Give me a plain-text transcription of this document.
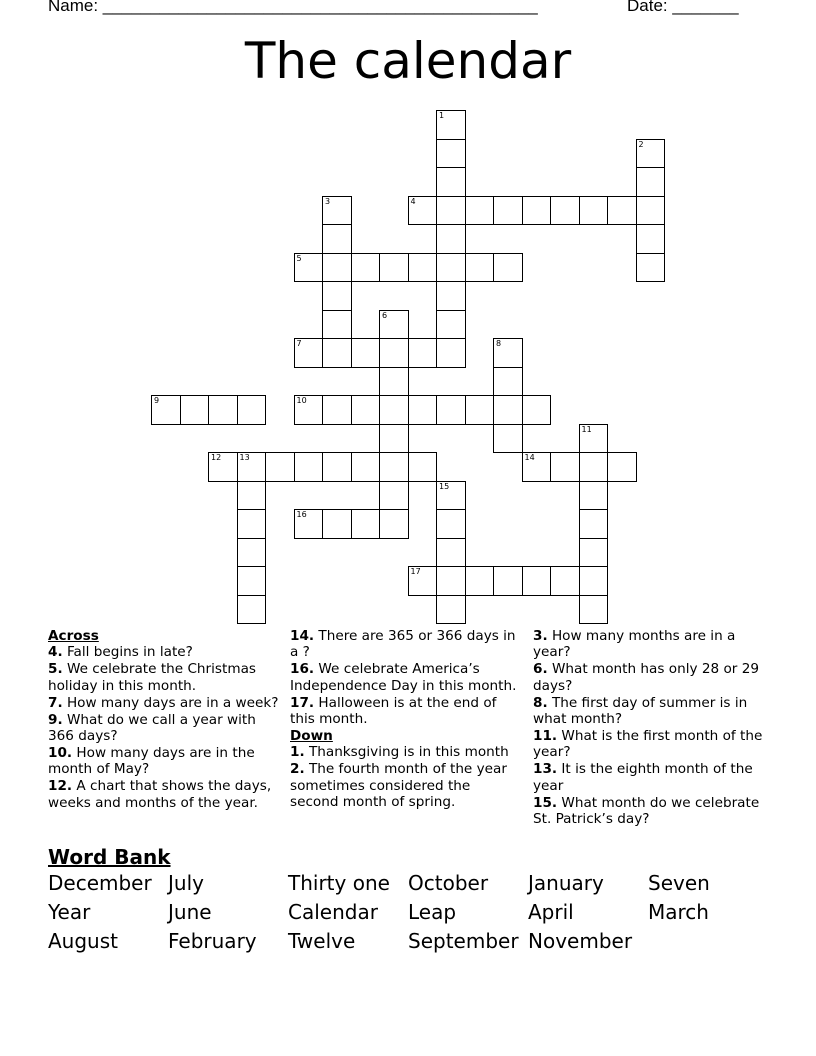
Name: ______________________________________________	Date: _______
The calendar
1
2
3	4
5
6
7	8
9	10
11
12 13	14
15
16
17
Across
4. Fall begins in late?
5. We celebrate the Christmas holiday in this month.
7. How many days are in a week?
9. What do we call a year with 366 days?
10. How many days are in the month of May?
12. A chart that shows the days, weeks and months of the year.
14. There are 365 or 366 days in a ?
16. We celebrate America’s Independence Day in this month.
17. Halloween is at the end of this month.
Down
1. Thanksgiving is in this month
2. The fourth month of the year sometimes considered the second month of spring.
3. How many months are in a year?
6. What month has only 28 or 29 days?
8. The first day of summer is in what month?
11. What is the first month of the year?
13. It is the eighth month of the year
15. What month do we celebrate St. Patrick’s day?
Word Bank
December July	Thirty one October	January	Seven
Year	June	Calendar	Leap	April	March
August	February	Twelve	September November
